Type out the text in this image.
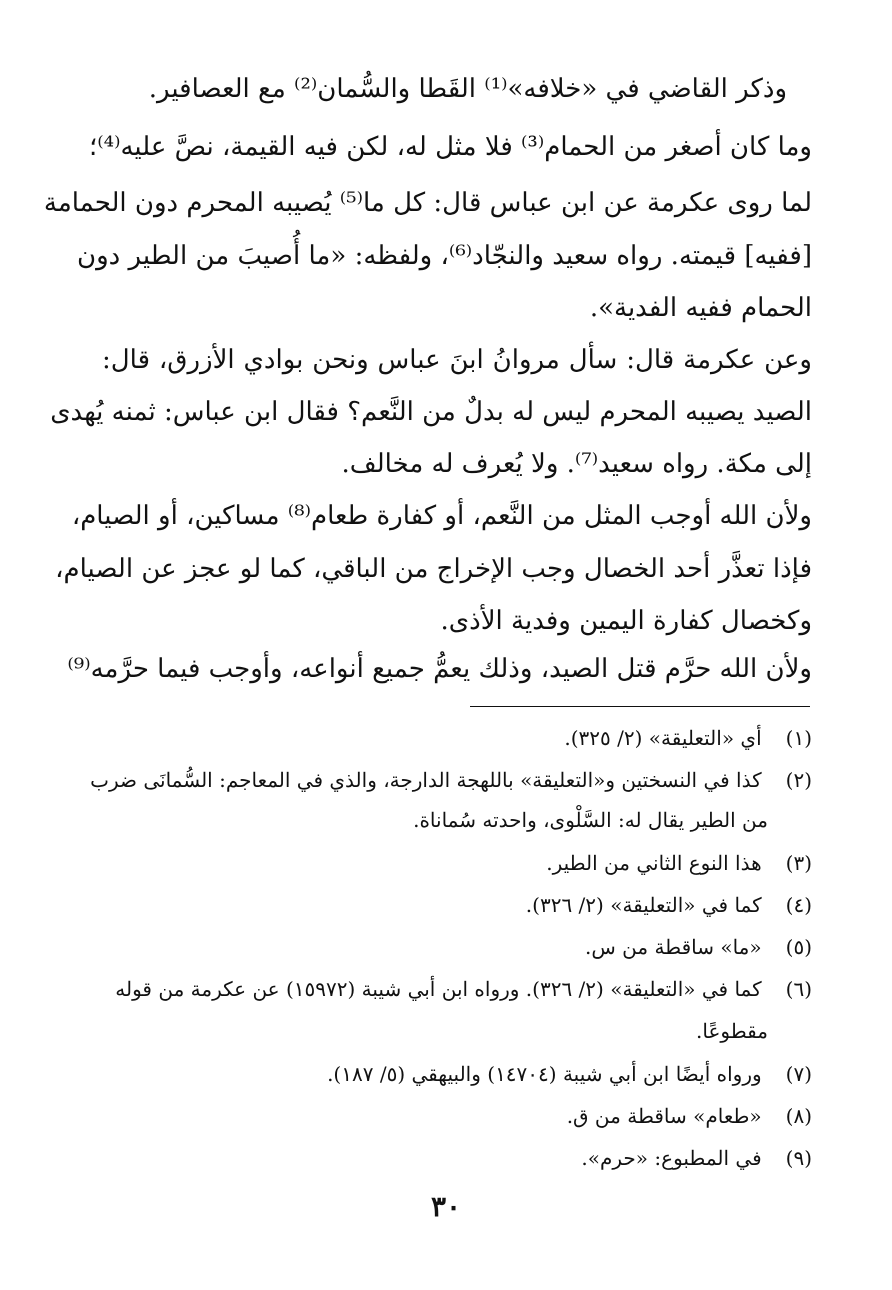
وذكر القاضي في «خلافه»⁽¹⁾ القَطا والسُّمان⁽²⁾ مع العصافير.
وما كان أصغر من الحمام⁽³⁾ فلا مثل له، لكن فيه القيمة، نصَّ عليه⁽⁴⁾؛
لما روى عكرمة عن ابن عباس قال: كل ما⁽⁵⁾ يُصيبه المحرم دون الحمامة
[ففيه] قيمته. رواه سعيد والنجّاد⁽⁶⁾، ولفظه: «ما أُصيبَ من الطير دون
الحمام ففيه الفدية».
وعن عكرمة قال: سأل مروانُ ابنَ عباس ونحن بوادي الأزرق، قال:
الصيد يصيبه المحرم ليس له بدلٌ من النَّعم؟ فقال ابن عباس: ثمنه يُهدى
إلى مكة. رواه سعيد⁽⁷⁾. ولا يُعرف له مخالف.
ولأن الله أوجب المثل من النَّعم، أو كفارة طعام⁽⁸⁾ مساكين، أو الصيام،
فإذا تعذَّر أحد الخصال وجب الإخراج من الباقي، كما لو عجز عن الصيام،
وكخصال كفارة اليمين وفدية الأذى.
ولأن الله حرَّم قتل الصيد، وذلك يعمُّ جميع أنواعه، وأوجب فيما حرَّمه⁽⁹⁾
(١) أي «التعليقة» (٢/ ٣٢٥).
(٢) كذا في النسختين و«التعليقة» باللهجة الدارجة، والذي في المعاجم: السُّمانَى ضرب
من الطير يقال له: السَّلْوى، واحدته سُماناة.
(٣) هذا النوع الثاني من الطير.
(٤) كما في «التعليقة» (٢/ ٣٢٦).
(٥) «ما» ساقطة من س.
(٦) كما في «التعليقة» (٢/ ٣٢٦). ورواه ابن أبي شيبة (١٥٩٧٢) عن عكرمة من قوله
مقطوعًا.
(٧) ورواه أيضًا ابن أبي شيبة (١٤٧٠٤) والبيهقي (٥/ ١٨٧).
(٨) «طعام» ساقطة من ق.
(٩) في المطبوع: «حرم».
٣٠
